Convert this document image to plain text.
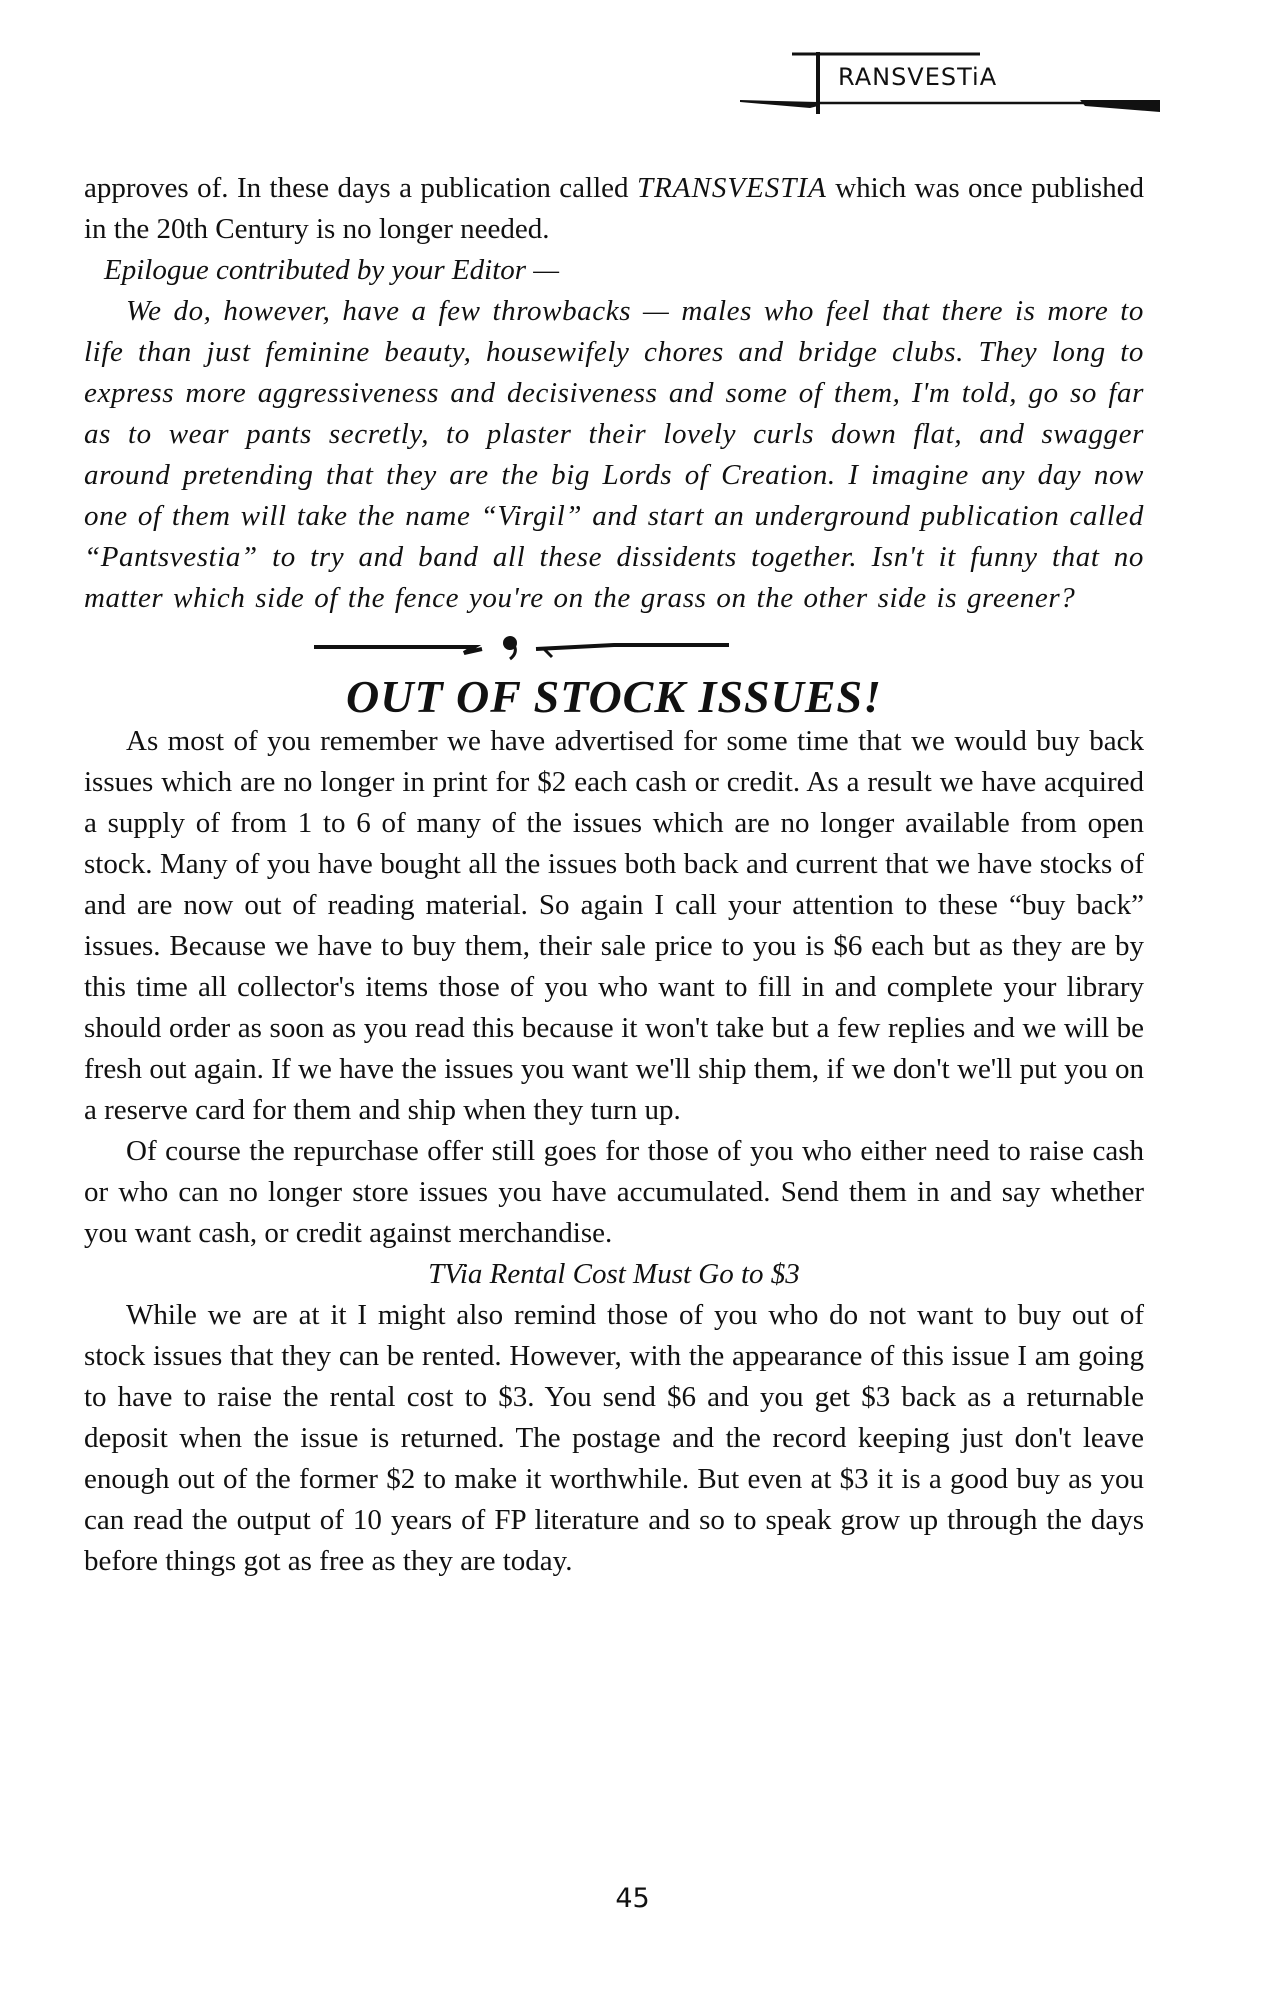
RANSVESTiA

approves of. In these days a publication called TRANSVESTIA which was once published in the 20th Century is no longer needed.

Epilogue contributed by your Editor —

We do, however, have a few throwbacks — males who feel that there is more to life than just feminine beauty, housewifely chores and bridge clubs. They long to express more aggressiveness and decisiveness and some of them, I'm told, go so far as to wear pants secretly, to plaster their lovely curls down flat, and swagger around pretending that they are the big Lords of Creation. I imagine any day now one of them will take the name “Virgil” and start an underground publication called “Pantsvestia” to try and band all these dissidents together. Isn't it funny that no matter which side of the fence you're on the grass on the other side is greener?

OUT OF STOCK ISSUES!

As most of you remember we have advertised for some time that we would buy back issues which are no longer in print for $2 each cash or credit. As a result we have acquired a supply of from 1 to 6 of many of the issues which are no longer available from open stock. Many of you have bought all the issues both back and current that we have stocks of and are now out of reading material. So again I call your attention to these “buy back” issues. Because we have to buy them, their sale price to you is $6 each but as they are by this time all collector's items those of you who want to fill in and complete your library should order as soon as you read this because it won't take but a few replies and we will be fresh out again. If we have the issues you want we'll ship them, if we don't we'll put you on a reserve card for them and ship when they turn up.

Of course the repurchase offer still goes for those of you who either need to raise cash or who can no longer store issues you have accumulated. Send them in and say whether you want cash, or credit against merchandise.

TVia Rental Cost Must Go to $3

While we are at it I might also remind those of you who do not want to buy out of stock issues that they can be rented. However, with the appearance of this issue I am going to have to raise the rental cost to $3. You send $6 and you get $3 back as a returnable deposit when the issue is returned. The postage and the record keeping just don't leave enough out of the former $2 to make it worthwhile. But even at $3 it is a good buy as you can read the output of 10 years of FP literature and so to speak grow up through the days before things got as free as they are today.

45
